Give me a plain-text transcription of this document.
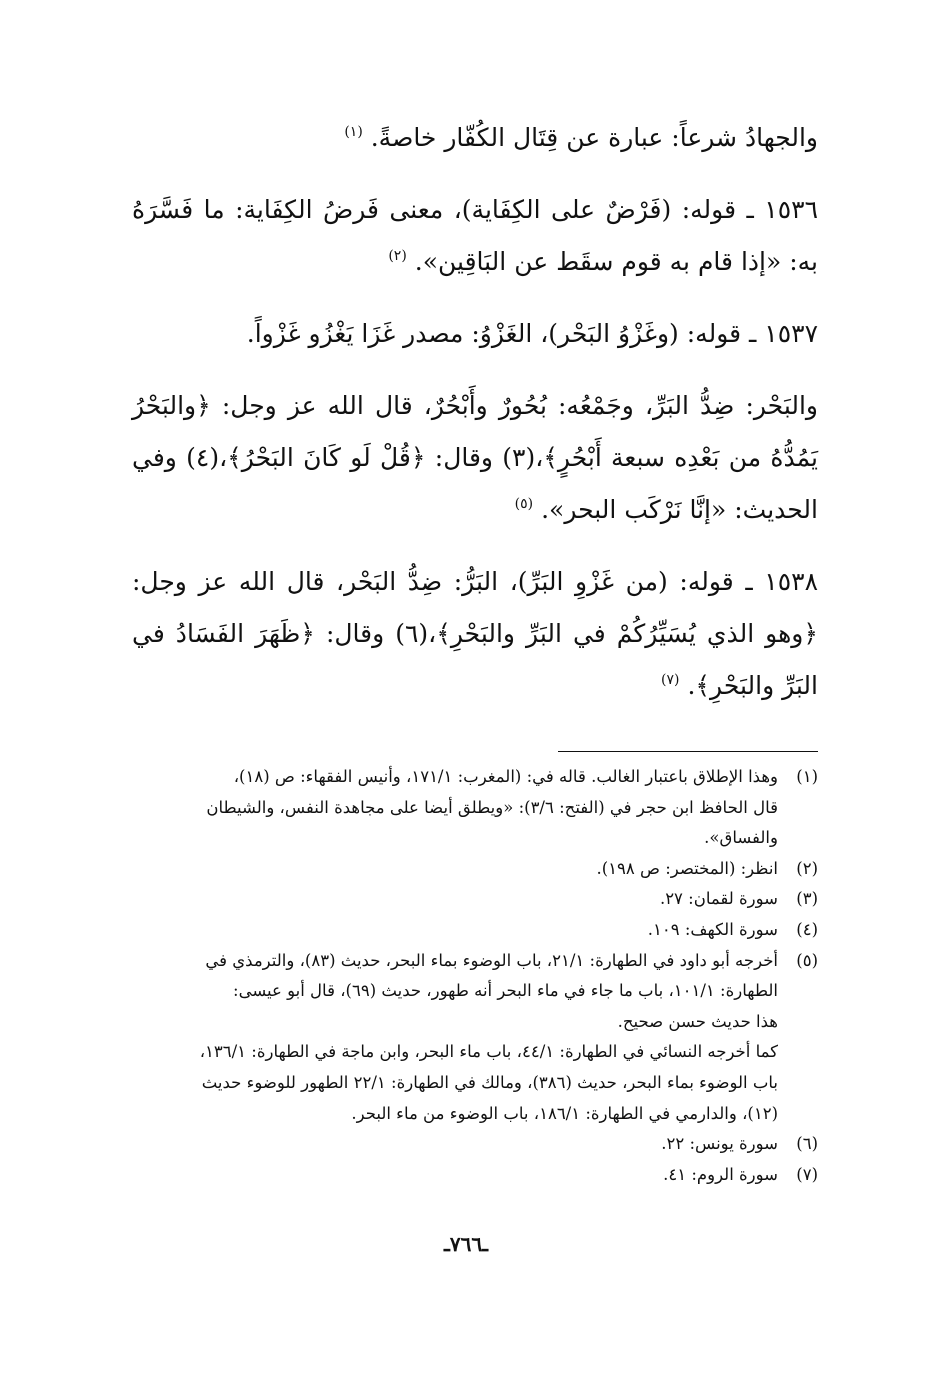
والجهادُ شرعاً: عبارة عن قِتَال الكُفّار خاصةً. $^{(١)}$

١٥٣٦ ـ قوله: (فَرْضٌ على الكِفَاية)، معنى فَرضُ الكِفَاية: ما فَسَّرَهُ به: «إذا قام به قوم سقَط عن البَاقِين». $^{(٢)}$

١٥٣٧ ـ قوله: (وغَزْوُ البَحْر)، الغَزْوُ: مصدر غَزَا يَغْزُو غَزْواً.

والبَحْر: ضِدُّ البَرِّ، وجَمْعُه: بُحُورٌ وأَبْحُرٌ، قال الله عز وجل: ﴿والبَحْرُ يَمُدُّهُ من بَعْدِه سبعة أَبْحُرٍ﴾،(٣) وقال: ﴿قُلْ لَو كَانَ البَحْرُ﴾،(٤) وفي الحديث: «إنَّا نَرْكَب البحر». $^{(٥)}$

١٥٣٨ ـ قوله: (من غَزْوِ البَرِّ)، البَرُّ: ضِدُّ البَحْر، قال الله عز وجل: ﴿وهو الذي يُسَيِّرُكُمْ في البَرِّ والبَحْرِ﴾،(٦) وقال: ﴿ظَهَرَ الفَسَادُ في البَرِّ والبَحْرِ﴾. $^{(٧)}$

(١)
وهذا الإطلاق باعتبار الغالب. قاله في: (المغرب: ١٧١/١، وأنيس الفقهاء: ص (١٨)،
قال الحافظ ابن حجر في (الفتح: ٣/٦): «ويطلق أيضا على مجاهدة النفس، والشيطان
والفساق».
(٢)
انظر: (المختصر: ص ١٩٨).
(٣)
سورة لقمان: ٢٧.
(٤)
سورة الكهف: ١٠٩.
(٥)
أخرجه أبو داود في الطهارة: ٢١/١، باب الوضوء بماء البحر، حديث (٨٣)، والترمذي في
الطهارة: ١٠١/١، باب ما جاء في ماء البحر أنه طهور، حديث (٦٩)، قال أبو عيسى:
هذا حديث حسن صحيح.
كما أخرجه النسائي في الطهارة: ٤٤/١، باب ماء البحر، وابن ماجة في الطهارة: ١٣٦/١،
باب الوضوء بماء البحر، حديث (٣٨٦)، ومالك في الطهارة: ٢٢/١ الطهور للوضوء حديث
(١٢)، والدارمي في الطهارة: ١٨٦/١، باب الوضوء من ماء البحر.
(٦)
سورة يونس: ٢٢.
(٧)
سورة الروم: ٤١.
ـ٧٦٦ـ
